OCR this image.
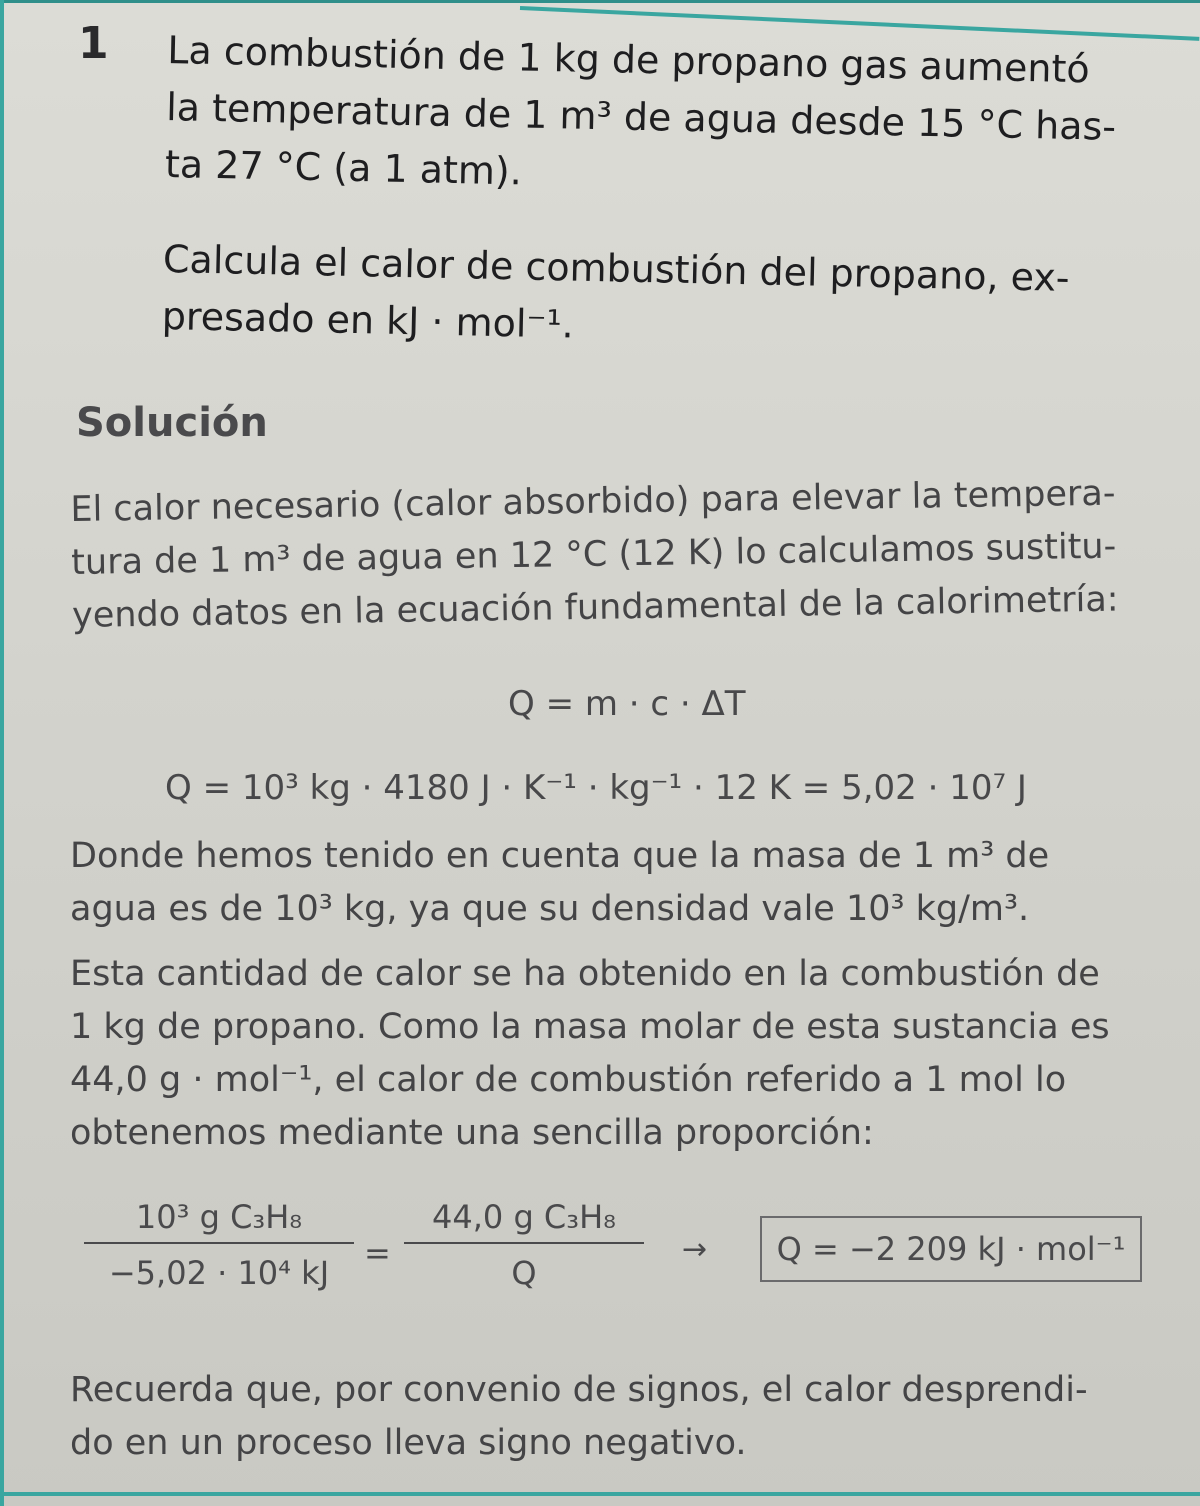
1 La combustión de 1 kg de propano gas aumentó

la temperatura de 1 m³ de agua desde 15 °C has-

ta 27 °C (a 1 atm).

Calcula el calor de combustión del propano, ex-

presado en kJ · mol⁻¹.

Solución

El calor necesario (calor absorbido) para elevar la tempera-

tura de 1 m³ de agua en 12 °C (12 K) lo calculamos sustitu-

yendo datos en la ecuación fundamental de la calorimetría:

Q = m · c · ΔT
Q = 10³ kg · 4180 J · K⁻¹ · kg⁻¹ · 12 K = 5,02 · 10⁷ J

Donde hemos tenido en cuenta que la masa de 1 m³ de

agua es de 10³ kg, ya que su densidad vale 10³ kg/m³.

Esta cantidad de calor se ha obtenido en la combustión de

1 kg de propano. Como la masa molar de esta sustancia es

44,0 g · mol⁻¹, el calor de combustión referido a 1 mol lo

obtenemos mediante una sencilla proporción:

10³ g C₃H₈
−5,02 · 10⁴ kJ
=
44,0 g C₃H₈
Q
→	Q = −2 209 kJ · mol⁻¹

Recuerda que, por convenio de signos, el calor desprendi-

do en un proceso lleva signo negativo.
